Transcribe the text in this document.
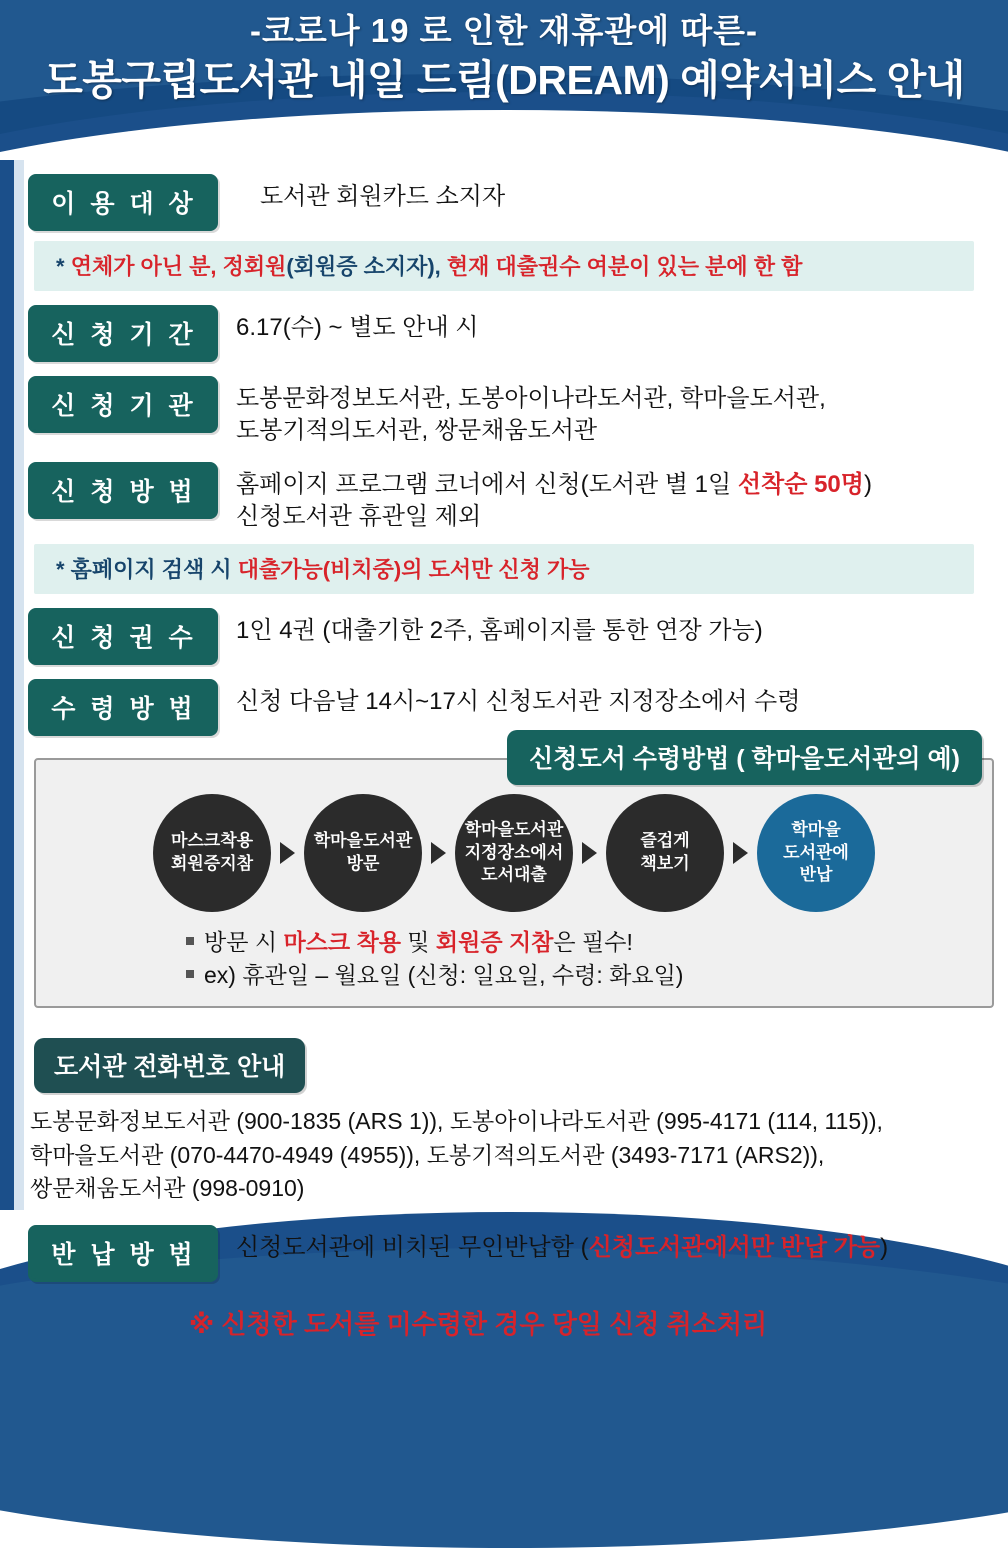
-코로나 19 로 인한 재휴관에 따른-
도봉구립도서관 내일 드림(DREAM) 예약서비스 안내
이 용 대 상	도서관 회원카드 소지자
* 연체가 아닌 분, 정회원(회원증 소지자), 현재 대출권수 여분이 있는 분에 한 함
신 청 기 간	6.17(수) ~ 별도 안내 시
신 청 기 관	도봉문화정보도서관, 도봉아이나라도서관, 학마을도서관,
도봉기적의도서관, 쌍문채움도서관
신 청 방 법	홈페이지 프로그램 코너에서 신청(도서관 별 1일 선착순 50명)
신청도서관 휴관일 제외
* 홈페이지 검색 시 대출가능(비치중)의 도서만 신청 가능
신 청 권 수	1인 4권 (대출기한 2주, 홈페이지를 통한 연장 가능)
수 령 방 법	신청 다음날 14시~17시 신청도서관 지정장소에서 수령
신청도서 수령방법 ( 학마을도서관의 예)
마스크착용
회원증지참
학마을도서관
방문
학마을도서관
지정장소에서
도서대출
즐겁게
책보기
학마을
도서관에
반납
방문 시 마스크 착용 및 회원증 지참은 필수!
ex) 휴관일 – 월요일 (신청: 일요일, 수령: 화요일)
도서관 전화번호 안내
도봉문화정보도서관 (900-1835 (ARS 1)), 도봉아이나라도서관 (995-4171 (114, 115)),
학마을도서관 (070-4470-4949 (4955)), 도봉기적의도서관 (3493-7171 (ARS2)),
쌍문채움도서관 (998-0910)
반 납 방 법	신청도서관에 비치된 무인반납함 (신청도서관에서만 반납 가능)
※ 신청한 도서를 미수령한 경우 당일 신청 취소처리
